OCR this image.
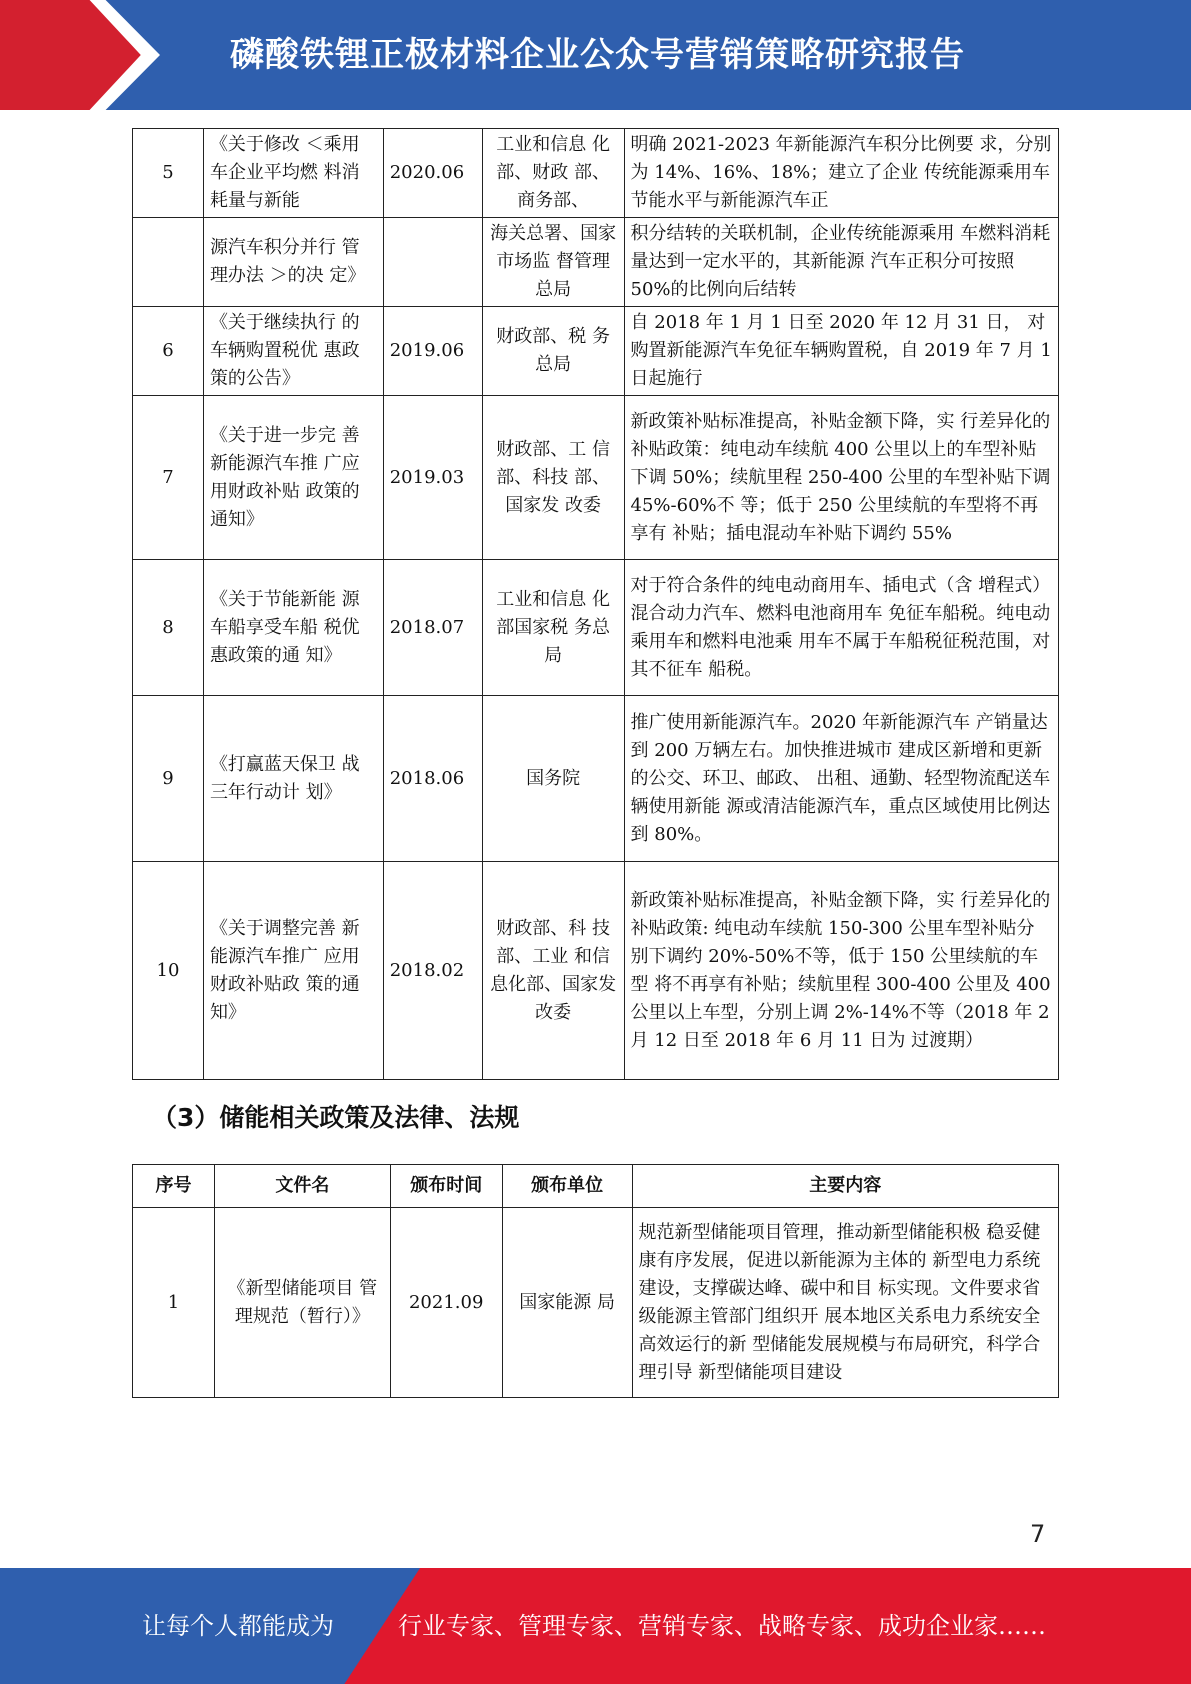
磷酸铁锂正极材料企业公众号营销策略研究报告
5	《关于修改 ＜乘用车企业平均燃 料消耗量与新能	2020.06	工业和信息 化部、财政 部、商务部、	明确 2021-2023 年新能源汽车积分比例要 求，分别为 14%、16%、18%；建立了企业 传统能源乘用车节能水平与新能源汽车正
	源汽车积分并行 管理办法 ＞的决 定》		海关总署、国家市场监 督管理总局	积分结转的关联机制，企业传统能源乘用 车燃料消耗量达到一定水平的，其新能源 汽车正积分可按照 50%的比例向后结转
6	《关于继续执行 的车辆购置税优 惠政策的公告》	2019.06	财政部、税 务总局	自 2018 年 1 月 1 日至 2020 年 12 月 31 日， 对购置新能源汽车免征车辆购置税，自 2019 年 7 月 1 日起施行
7	《关于进一步完 善新能源汽车推 广应用财政补贴 政策的通知》	2019.03	财政部、工 信部、科技 部、国家发 改委	新政策补贴标准提高，补贴金额下降，实 行差异化的补贴政策：纯电动车续航 400 公里以上的车型补贴下调 50%；续航里程 250-400 公里的车型补贴下调 45%-60%不 等；低于 250 公里续航的车型将不再享有 补贴；插电混动车补贴下调约 55%
8	《关于节能新能 源车船享受车船 税优惠政策的通 知》	2018.07	工业和信息 化部国家税 务总局	对于符合条件的纯电动商用车、插电式（含 增程式）混合动力汽车、燃料电池商用车 免征车船税。纯电动乘用车和燃料电池乘 用车不属于车船税征税范围，对其不征车 船税。
9	《打赢蓝天保卫 战三年行动计 划》	2018.06	国务院	推广使用新能源汽车。2020 年新能源汽车 产销量达到 200 万辆左右。加快推进城市 建成区新增和更新的公交、环卫、邮政、 出租、通勤、轻型物流配送车辆使用新能 源或清洁能源汽车，重点区域使用比例达 到 80%。
10	《关于调整完善 新能源汽车推广 应用财政补贴政 策的通知》	2018.02	财政部、科 技部、工业 和信息化部、国家发 改委	新政策补贴标准提高，补贴金额下降，实 行差异化的补贴政策: 纯电动车续航 150-300 公里车型补贴分别下调约 20%-50%不等，低于 150 公里续航的车型 将不再享有补贴；续航里程 300-400 公里及 400 公里以上车型，分别上调 2%-14%不等（2018 年 2 月 12 日至 2018 年 6 月 11 日为 过渡期）
（3）储能相关政策及法律、法规
序号	文件名	颁布时间	颁布单位	主要内容
1	《新型储能项目 管理规范（暂行）》	2021.09	国家能源 局	规范新型储能项目管理，推动新型储能积极 稳妥健康有序发展，促进以新能源为主体的 新型电力系统建设，支撑碳达峰、碳中和目 标实现。文件要求省级能源主管部门组织开 展本地区关系电力系统安全高效运行的新 型储能发展规模与布局研究，科学合理引导 新型储能项目建设
7
让每个人都能成为	行业专家、管理专家、营销专家、战略专家、成功企业家……
